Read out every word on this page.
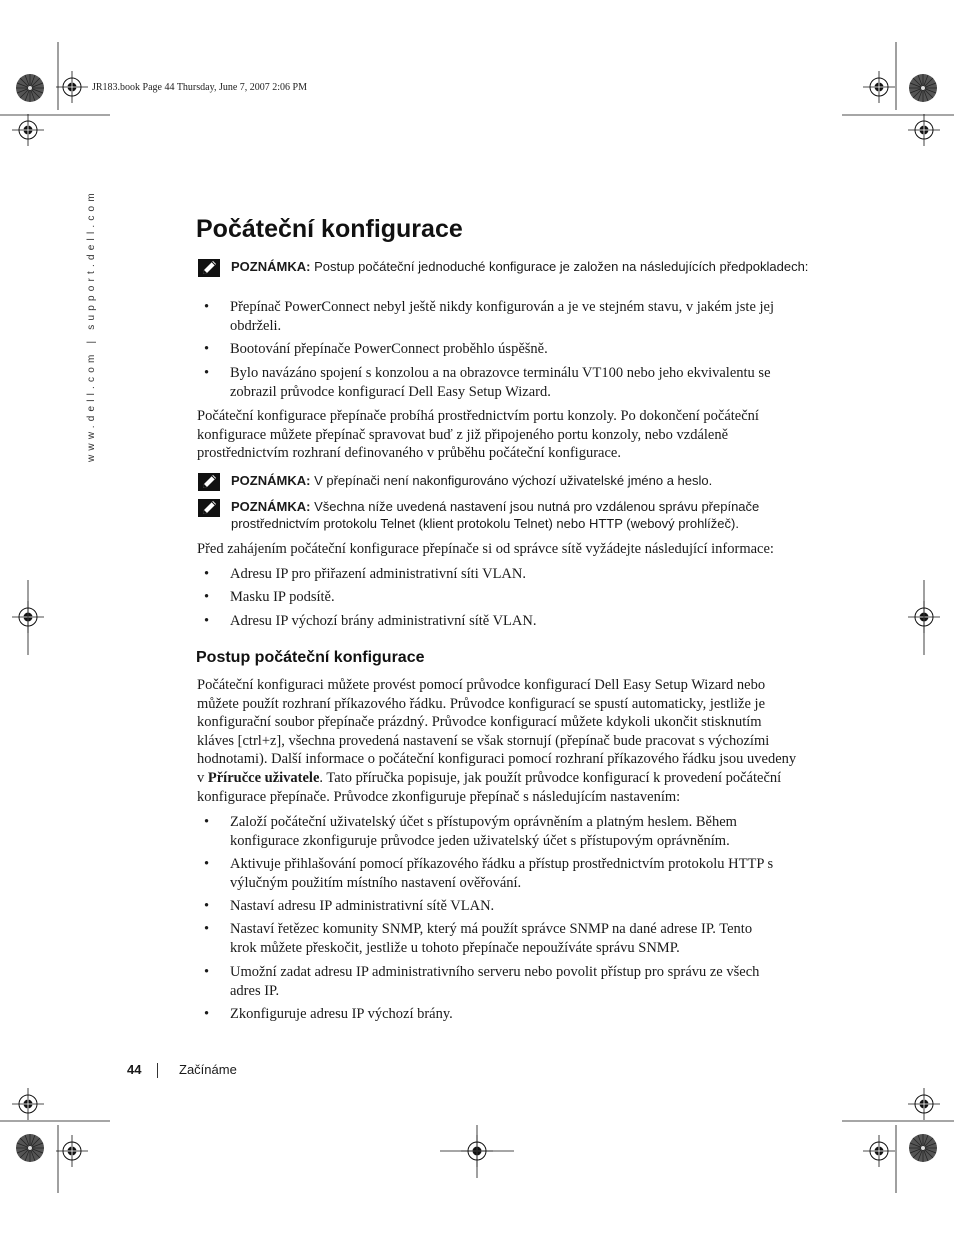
JR183.book Page 44 Thursday, June 7, 2007 2:06 PM
www.dell.com | support.dell.com	Počáteční konfigurace
POZNÁMKA: Postup počáteční jednoduché konfigurace je založen na následujících předpokladech:
• Přepínač PowerConnect nebyl ještě nikdy konfigurován a je ve stejném stavu, v jakém jste jej obdrželi.
• Bootování přepínače PowerConnect proběhlo úspěšně.
• Bylo navázáno spojení s konzolou a na obrazovce terminálu VT100 nebo jeho ekvivalentu se zobrazil průvodce konfigurací Dell Easy Setup Wizard.
Počáteční konfigurace přepínače probíhá prostřednictvím portu konzoly. Po dokončení počáteční konfigurace můžete přepínač spravovat buď z již připojeného portu konzoly, nebo vzdáleně prostřednictvím rozhraní definovaného v průběhu počáteční konfigurace.
POZNÁMKA: V přepínači není nakonfigurováno výchozí uživatelské jméno a heslo.
POZNÁMKA: Všechna níže uvedená nastavení jsou nutná pro vzdálenou správu přepínače prostřednictvím protokolu Telnet (klient protokolu Telnet) nebo HTTP (webový prohlížeč).
Před zahájením počáteční konfigurace přepínače si od správce sítě vyžádejte následující informace:
• Adresu IP pro přiřazení administrativní síti VLAN.
• Masku IP podsítě.
• Adresu IP výchozí brány administrativní sítě VLAN.
Postup počáteční konfigurace
Počáteční konfiguraci můžete provést pomocí průvodce konfigurací Dell Easy Setup Wizard nebo můžete použít rozhraní příkazového řádku. Průvodce konfigurací se spustí automaticky, jestliže je konfigurační soubor přepínače prázdný. Průvodce konfigurací můžete kdykoli ukončit stisknutím kláves [ctrl+z], všechna provedená nastavení se však stornují (přepínač bude pracovat s výchozími hodnotami). Další informace o počáteční konfiguraci pomocí rozhraní příkazového řádku jsou uvedeny v Příručce uživatele. Tato příručka popisuje, jak použít průvodce konfigurací k provedení počáteční konfigurace přepínače. Průvodce zkonfiguruje přepínač s následujícím nastavením:
• Založí počáteční uživatelský účet s přístupovým oprávněním a platným heslem. Během konfigurace zkonfiguruje průvodce jeden uživatelský účet s přístupovým oprávněním.
• Aktivuje přihlašování pomocí příkazového řádku a přístup prostřednictvím protokolu HTTP s výlučným použitím místního nastavení ověřování.
• Nastaví adresu IP administrativní sítě VLAN.
• Nastaví řetězec komunity SNMP, který má použít správce SNMP na dané adrese IP. Tento krok můžete přeskočit, jestliže u tohoto přepínače nepoužíváte správu SNMP.
• Umožní zadat adresu IP administrativního serveru nebo povolit přístup pro správu ze všech adres IP.
• Zkonfiguruje adresu IP výchozí brány.
44	Začínáme
